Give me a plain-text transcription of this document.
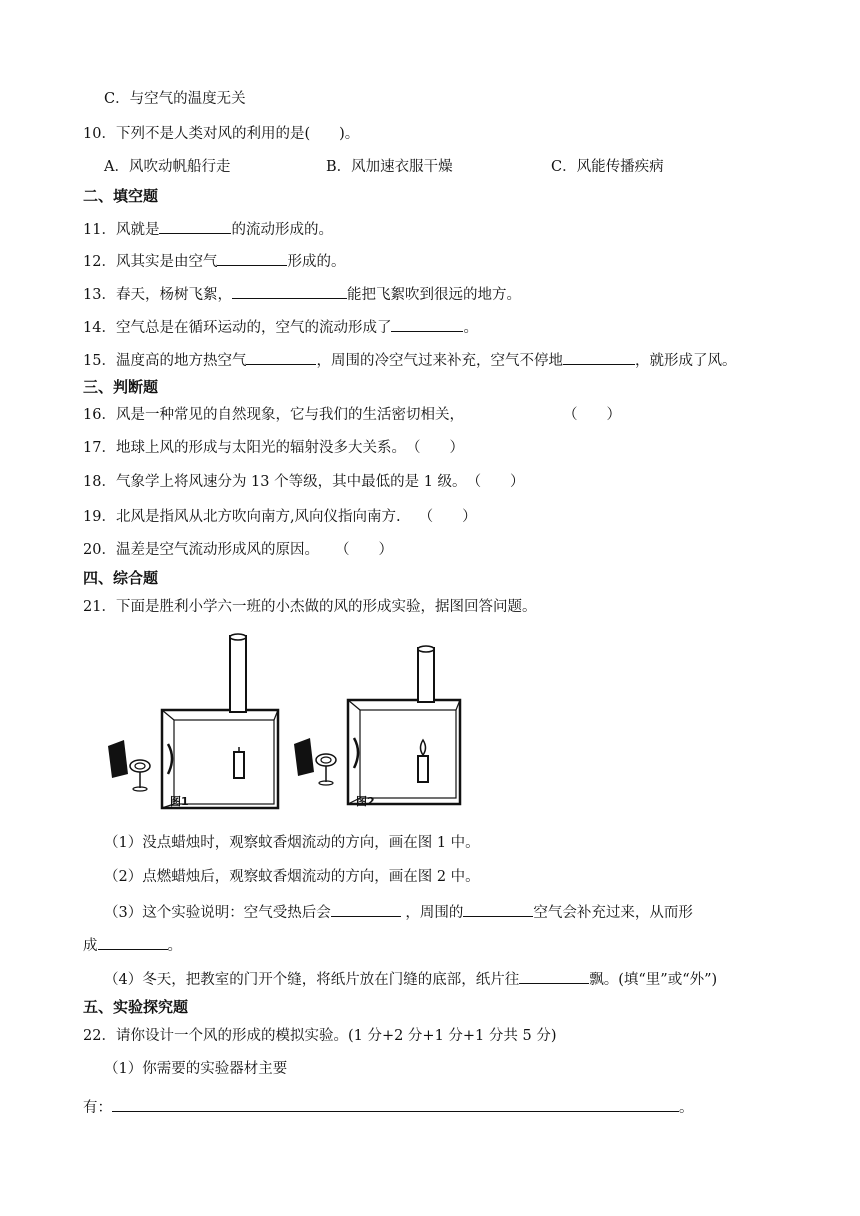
C．与空气的温度无关
10．下列不是人类对风的利用的是(　　)。
A．风吹动帆船行走	B．风加速衣服干燥	C．风能传播疾病
二、填空题
11．风就是	的流动形成的。
12．风其实是由空气	形成的。
13．春天，杨树飞絮，	能把飞絮吹到很远的地方。
14．空气总是在循环运动的，空气的流动形成了	。
15．温度高的地方热空气	，周围的冷空气过来补充，空气不停地	，就形成了风。
三、判断题
16．风是一种常见的自然现象，它与我们的生活密切相关，	（　　）
17．地球上风的形成与太阳光的辐射没多大关系。（　　）
18．气象学上将风速分为 13 个等级，其中最低的是 1 级。（　　）
19．北风是指风从北方吹向南方,风向仪指向南方. （　　）
20．温差是空气流动形成风的原因。 （　　）
四、综合题
21．下面是胜利小学六一班的小杰做的风的形成实验，据图回答问题。
图1	图2
（1）没点蜡烛时，观察蚊香烟流动的方向，画在图 1 中。
（2）点燃蜡烛后，观察蚊香烟流动的方向，画在图 2 中。
（3）这个实验说明：空气受热后会	，周围的	空气会补充过来，从而形
成	。
（4）冬天，把教室的门开个缝，将纸片放在门缝的底部，纸片往	飘。(填“里”或“外”)
五、实验探究题
22．请你设计一个风的形成的模拟实验。(1 分+2 分+1 分+1 分共 5 分)
（1）你需要的实验器材主要
有：	。
